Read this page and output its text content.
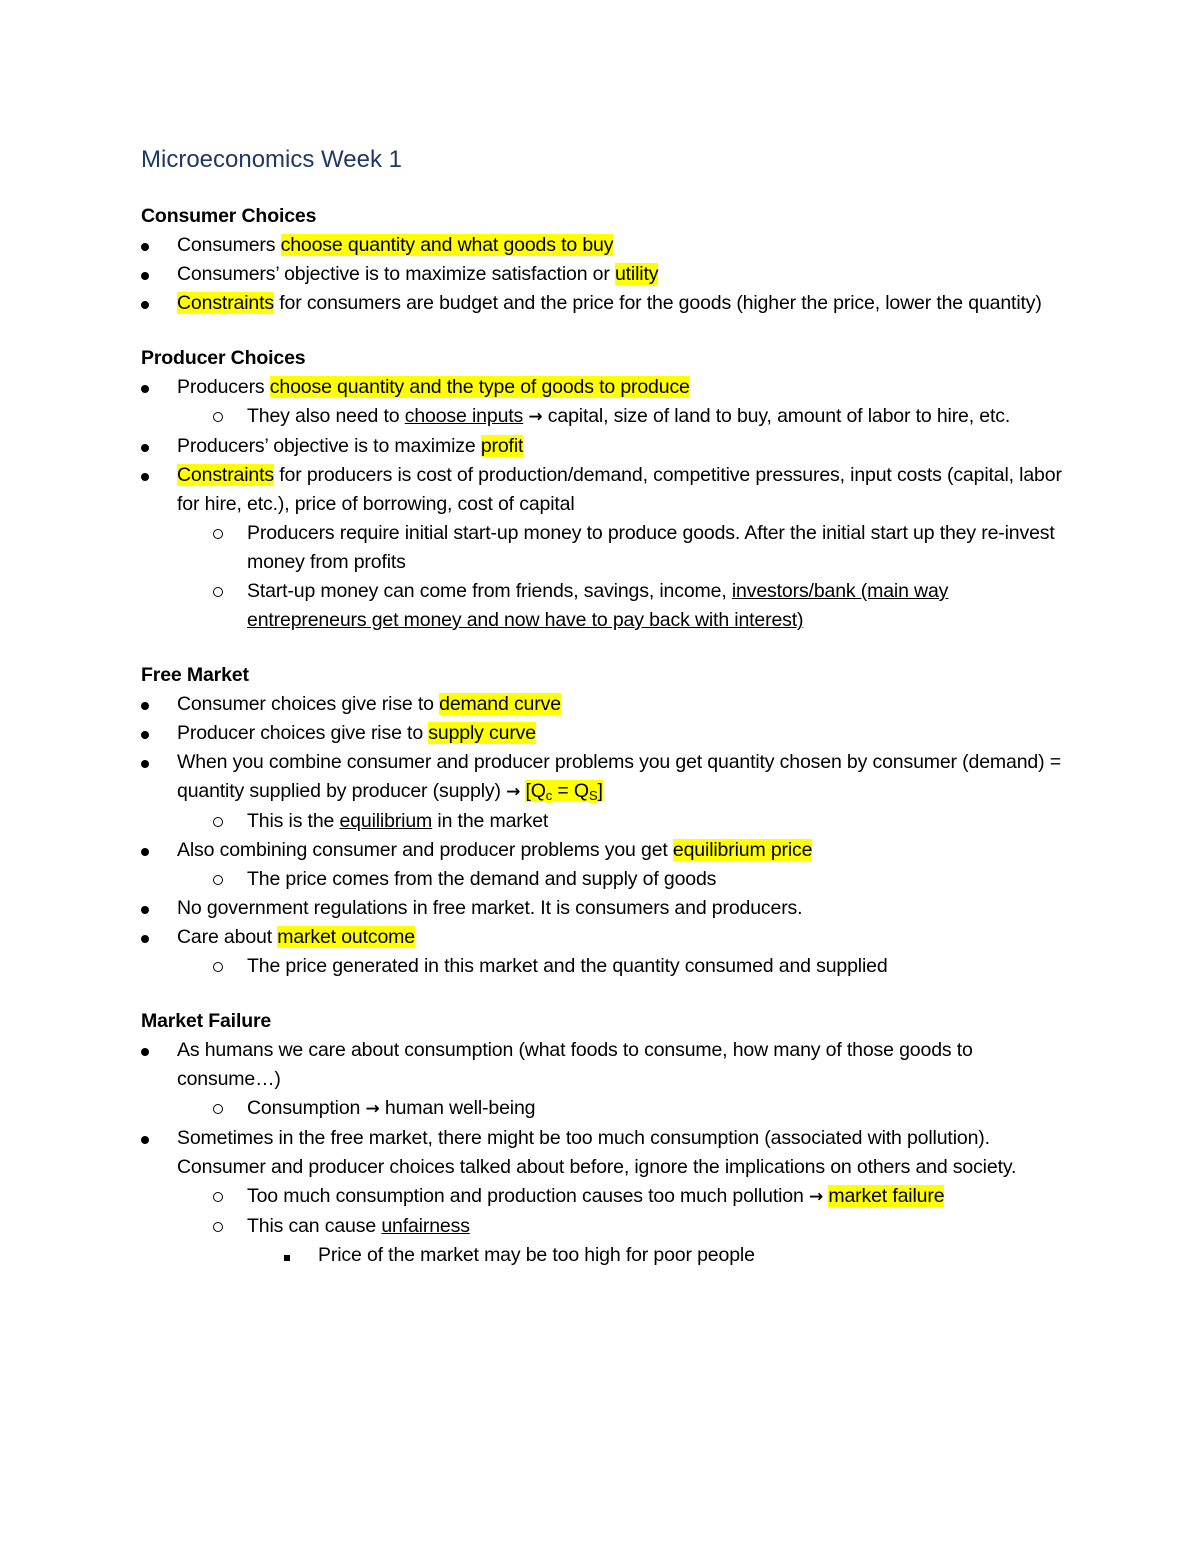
Microeconomics Week 1
Consumer Choices
Consumers choose quantity and what goods to buy
Consumers’ objective is to maximize satisfaction or utility
Constraints for consumers are budget and the price for the goods (higher the price, lower the quantity)
Producer Choices
Producers choose quantity and the type of goods to produce
They also need to choose inputs → capital, size of land to buy, amount of labor to hire, etc.
Producers’ objective is to maximize profit
Constraints for producers is cost of production/demand, competitive pressures, input costs (capital, labor for hire, etc.), price of borrowing, cost of capital
Producers require initial start-up money to produce goods. After the initial start up they re-invest money from profits
Start-up money can come from friends, savings, income, investors/bank (main way entrepreneurs get money and now have to pay back with interest)
Free Market
Consumer choices give rise to demand curve
Producer choices give rise to supply curve
When you combine consumer and producer problems you get quantity chosen by consumer (demand) = quantity supplied by producer (supply) → $[Q_c = Q_S]$
This is the equilibrium in the market
Also combining consumer and producer problems you get equilibrium price
The price comes from the demand and supply of goods
No government regulations in free market. It is consumers and producers.
Care about market outcome
The price generated in this market and the quantity consumed and supplied
Market Failure
As humans we care about consumption (what foods to consume, how many of those goods to consume…)
Consumption → human well-being
Sometimes in the free market, there might be too much consumption (associated with pollution). Consumer and producer choices talked about before, ignore the implications on others and society.
Too much consumption and production causes too much pollution → market failure
This can cause unfairness
Price of the market may be too high for poor people
